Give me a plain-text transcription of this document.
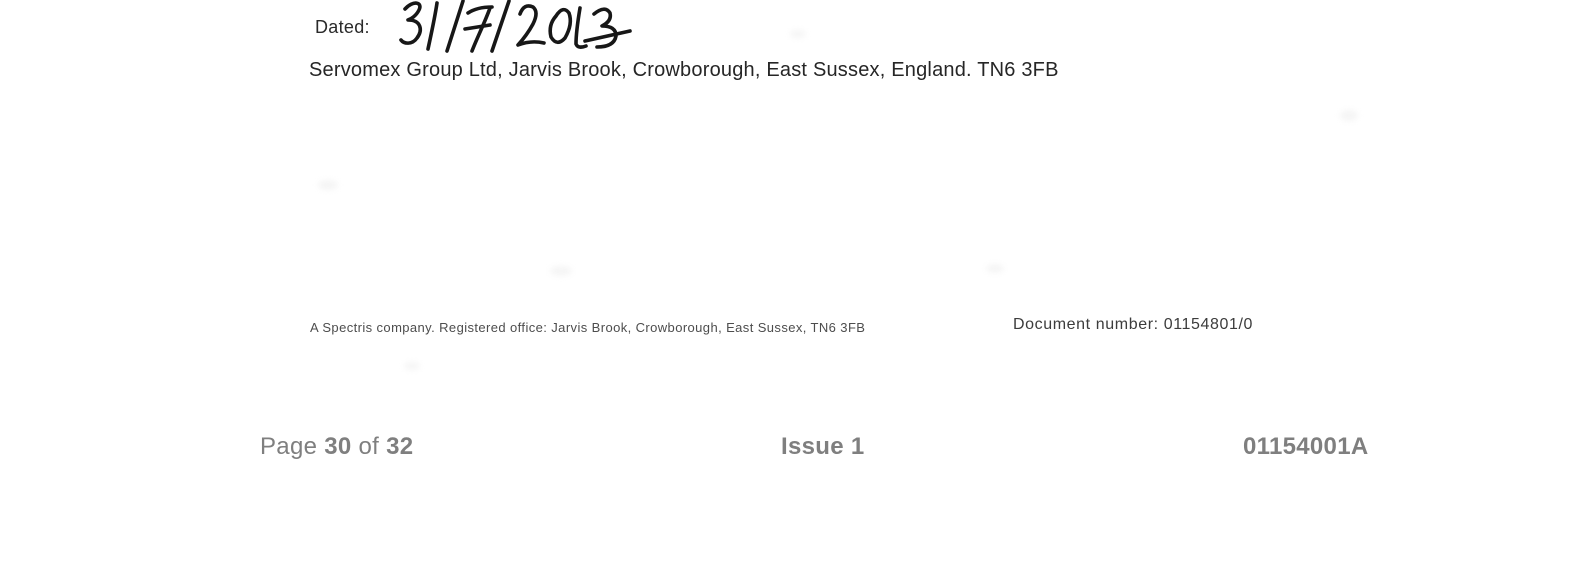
Dated:
Servomex Group Ltd, Jarvis Brook, Crowborough, East Sussex, England. TN6 3FB
A Spectris company. Registered office: Jarvis Brook, Crowborough, East Sussex, TN6 3FB	Document number: 01154801/0
Page 30 of 32	Issue 1	01154001A
